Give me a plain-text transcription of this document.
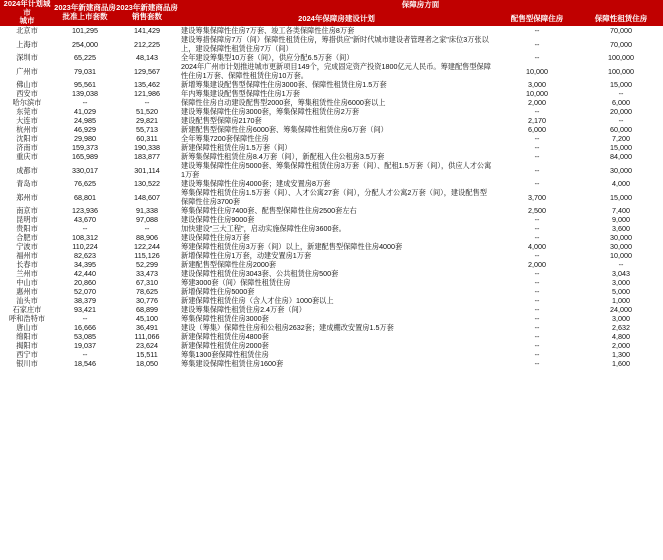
2024年计划城市
城市

2023年新建商品房
批准上市套数

2023年新建商品房
销售套数
	保障房方面
			2024年保障房建设计划	配售型保障住房	保障性租赁住房
北京市	101,295	141,429	建设筹集保障性住房7万套、竣工各类保障性住房8万套	--	70,000
上海市	254,000	212,225	建设筹措保障房7万（间）保障性租赁住房，筹措供应"新时代城市建设者管理者之家"床位3万张以上，建设保障性租赁住房7万（间）	--	70,000
深圳市	65,225	48,143	全年建设筹集型10万套（间），供应分配6.5万套（间）	--	100,000
广州市	79,031	129,567	2024年广州市计划推进城市更新项目149个，完成固定资产投资1800亿元人民币。筹建配售型保障性住房1万套、保障性租赁住房10万套。	10,000	100,000
佛山市	95,561	135,462	新增筹集建设配售型保障性住房3000套、保障性租赁住房1.5万套	3,000	15,000
西安市	139,038	121,986	年内筹集建设配售型保障性住房1万套	10,000	--
哈尔滨市	--	--	保障性住房自动建设配售型2000套，筹集租赁性住房6000套以上	2,000	6,000
东莞市	41,029	51,520	建设筹集保障性住房3000套，筹集保障性租赁住房2万套	--	20,000
大连市	24,985	29,821	建设配售型保障房2170套	2,170	--
杭州市	46,929	55,713	新建配售型保障性住房6000套、筹集保障性租赁住房6万套（间）	6,000	60,000
沈阳市	29,980	60,311	全年筹集7200套保障性住房	--	7,200
济南市	159,373	190,338	新建保障性租赁住房1.5万套（间）	--	15,000
重庆市	165,989	183,877	新筹集保障性租赁住房8.4万套（间），新配租入住公租房3.5万套	--	84,000
成都市	330,017	301,114	建设筹集保障性住房5000套、筹集保障性租赁住房3万套（间）、配租1.5万套（间），供应人才公寓1万套	--	30,000
青岛市	76,625	130,522	建设筹集保障性住房4000套；建成安置房8万套	--	4,000
郑州市	68,801	148,607	筹集保障性租赁住房1.5万套（间）、人才公寓27套（间），分配人才公寓2万套（间），建设配售型保障性住房3700套	3,700	15,000
南京市	123,936	91,338	筹集保障性住房7400套、配售型保障性住房2500套左右	2,500	7,400
昆明市	43,670	97,088	建设保障性住房9000套	--	9,000
贵阳市	--	--	加快建设"三大工程"，启动实施保障性住房3600套。	--	3,600
合肥市	108,312	88,906	建设保障性住房3万套	--	30,000
宁波市	110,224	122,244	筹建保障性租赁住房3万套（间）以上，新建配售型保障性住房4000套	4,000	30,000
福州市	82,623	115,126	新增保障性住房1万套，动建安置房1万套	--	10,000
长春市	34,395	52,299	新建配售型保障性住房2000套	2,000	--
兰州市	42,440	33,473	建设保障性租赁住房3043套、公共租赁住房500套	--	3,043
中山市	20,860	67,310	筹建3000套（间）保障性租赁住房	--	3,000
惠州市	52,070	78,625	新增保障性住房5000套	--	5,000
汕头市	38,379	30,776	新建保障性租赁住房（含人才住房）1000套以上	--	1,000
石家庄市	93,421	68,899	建设筹集保障性租赁住房2.4万套（间）	--	24,000
呼和浩特市	--	45,100	筹集保障性租赁住房3000套	--	3,000
唐山市	16,666	36,491	建设（筹集）保障性住房和公租房2632套；建成棚改安置房1.5万套	--	2,632
绵阳市	53,085	111,066	新建保障性租赁住房4800套	--	4,800
揭阳市	19,037	23,624	新建保障性租赁住房2000套	--	2,000
西宁市	--	15,511	筹集1300套保障性租赁住房	--	1,300
银川市	18,546	18,050	筹集建设保障性租赁住房1600套	--	1,600
